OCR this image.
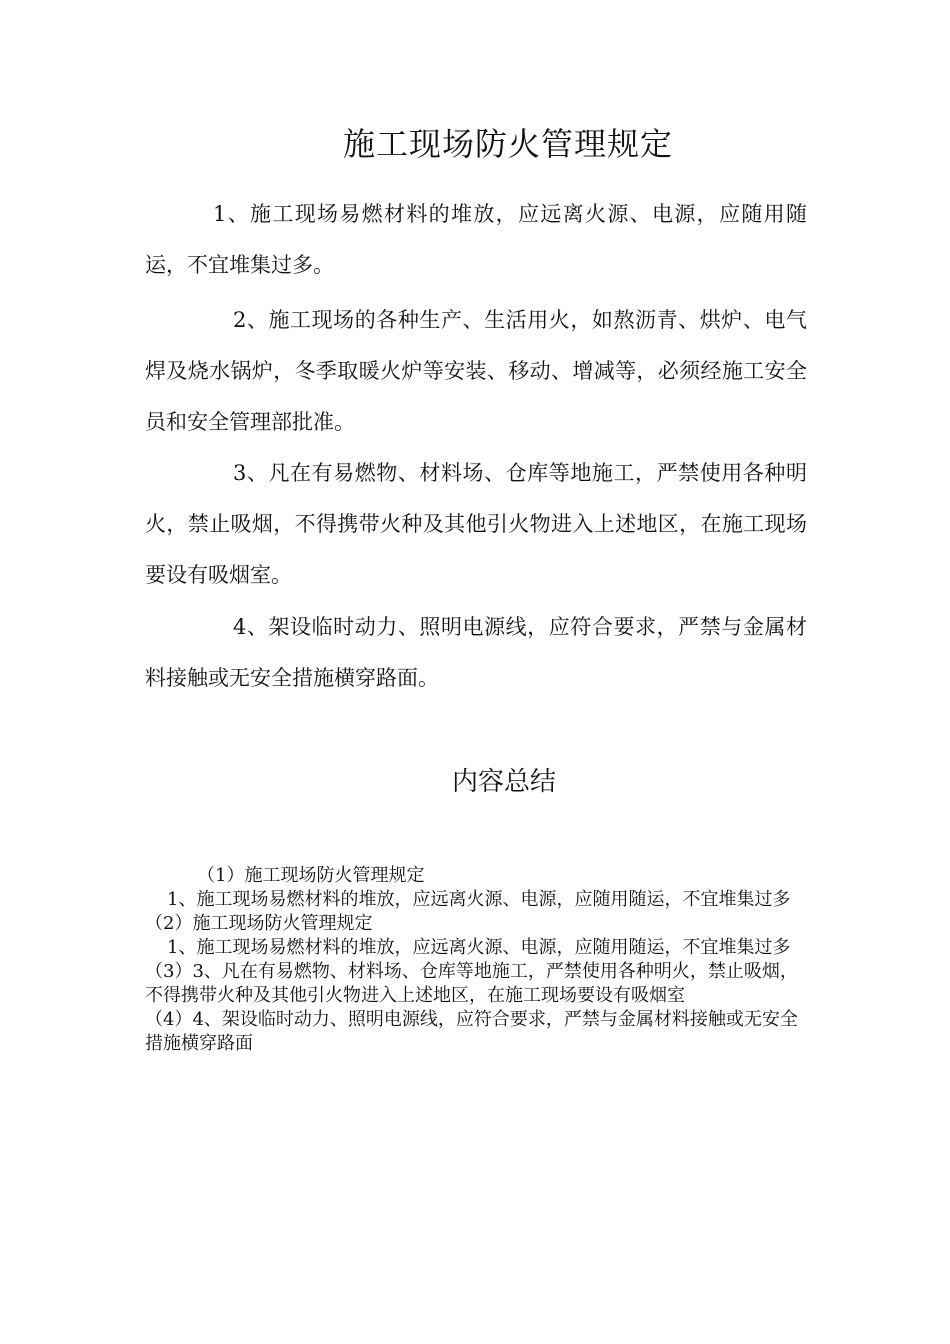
施工现场防火管理规定

1、施工现场易燃材料的堆放，应远离火源、电源，应随用随运，不宜堆集过多。

2、施工现场的各种生产、生活用火，如熬沥青、烘炉、电气焊及烧水锅炉，冬季取暖火炉等安装、移动、增减等，必须经施工安全员和安全管理部批准。

3、凡在有易燃物、材料场、仓库等地施工，严禁使用各种明火，禁止吸烟，不得携带火种及其他引火物进入上述地区，在施工现场要设有吸烟室。

4、架设临时动力、照明电源线，应符合要求，严禁与金属材料接触或无安全措施横穿路面。

内容总结

（1）施工现场防火管理规定

1、施工现场易燃材料的堆放，应远离火源、电源，应随用随运，不宜堆集过多

（2）施工现场防火管理规定

1、施工现场易燃材料的堆放，应远离火源、电源，应随用随运，不宜堆集过多

（3）3、凡在有易燃物、材料场、仓库等地施工，严禁使用各种明火，禁止吸烟，不得携带火种及其他引火物进入上述地区，在施工现场要设有吸烟室

（4）4、架设临时动力、照明电源线，应符合要求，严禁与金属材料接触或无安全措施横穿路面
